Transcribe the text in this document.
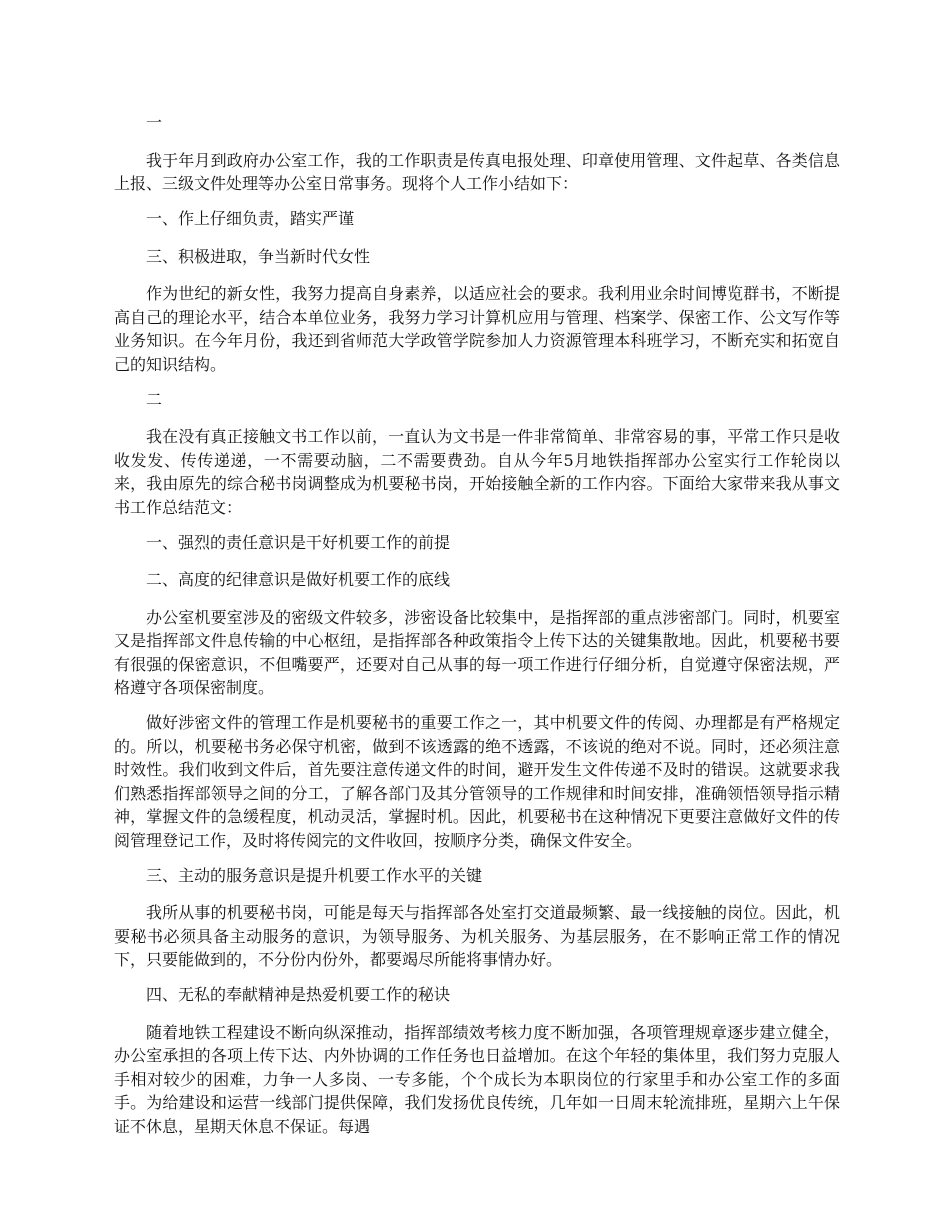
一

我于年月到政府办公室工作，我的工作职责是传真电报处理、印章使用管理、文件起草、各类信息上报、三级文件处理等办公室日常事务。现将个人工作小结如下：

一、作上仔细负责，踏实严谨

三、积极进取，争当新时代女性

作为世纪的新女性，我努力提高自身素养，以适应社会的要求。我利用业余时间博览群书，不断提高自己的理论水平，结合本单位业务，我努力学习计算机应用与管理、档案学、保密工作、公文写作等业务知识。在今年月份，我还到省师范大学政管学院参加人力资源管理本科班学习，不断充实和拓宽自己的知识结构。

二

我在没有真正接触文书工作以前，一直认为文书是一件非常简单、非常容易的事，平常工作只是收收发发、传传递递，一不需要动脑，二不需要费劲。自从今年5月地铁指挥部办公室实行工作轮岗以来，我由原先的综合秘书岗调整成为机要秘书岗，开始接触全新的工作内容。下面给大家带来我从事文书工作总结范文：

一、强烈的责任意识是干好机要工作的前提

二、高度的纪律意识是做好机要工作的底线

办公室机要室涉及的密级文件较多，涉密设备比较集中，是指挥部的重点涉密部门。同时，机要室又是指挥部文件息传输的中心枢纽，是指挥部各种政策指令上传下达的关键集散地。因此，机要秘书要有很强的保密意识，不但嘴要严，还要对自己从事的每一项工作进行仔细分析，自觉遵守保密法规，严格遵守各项保密制度。

做好涉密文件的管理工作是机要秘书的重要工作之一，其中机要文件的传阅、办理都是有严格规定的。所以，机要秘书务必保守机密，做到不该透露的绝不透露，不该说的绝对不说。同时，还必须注意时效性。我们收到文件后，首先要注意传递文件的时间，避开发生文件传递不及时的错误。这就要求我们熟悉指挥部领导之间的分工，了解各部门及其分管领导的工作规律和时间安排，准确领悟领导指示精神，掌握文件的急缓程度，机动灵活，掌握时机。因此，机要秘书在这种情况下更要注意做好文件的传阅管理登记工作，及时将传阅完的文件收回，按顺序分类，确保文件安全。

三、主动的服务意识是提升机要工作水平的关键

我所从事的机要秘书岗，可能是每天与指挥部各处室打交道最频繁、最一线接触的岗位。因此，机要秘书必须具备主动服务的意识，为领导服务、为机关服务、为基层服务，在不影响正常工作的情况下，只要能做到的，不分份内份外，都要竭尽所能将事情办好。

四、无私的奉献精神是热爱机要工作的秘诀

随着地铁工程建设不断向纵深推动，指挥部绩效考核力度不断加强，各项管理规章逐步建立健全，办公室承担的各项上传下达、内外协调的工作任务也日益增加。在这个年轻的集体里，我们努力克服人手相对较少的困难，力争一人多岗、一专多能，个个成长为本职岗位的行家里手和办公室工作的多面手。为给建设和运营一线部门提供保障，我们发扬优良传统，几年如一日周末轮流排班，星期六上午保证不休息，星期天休息不保证。每遇
